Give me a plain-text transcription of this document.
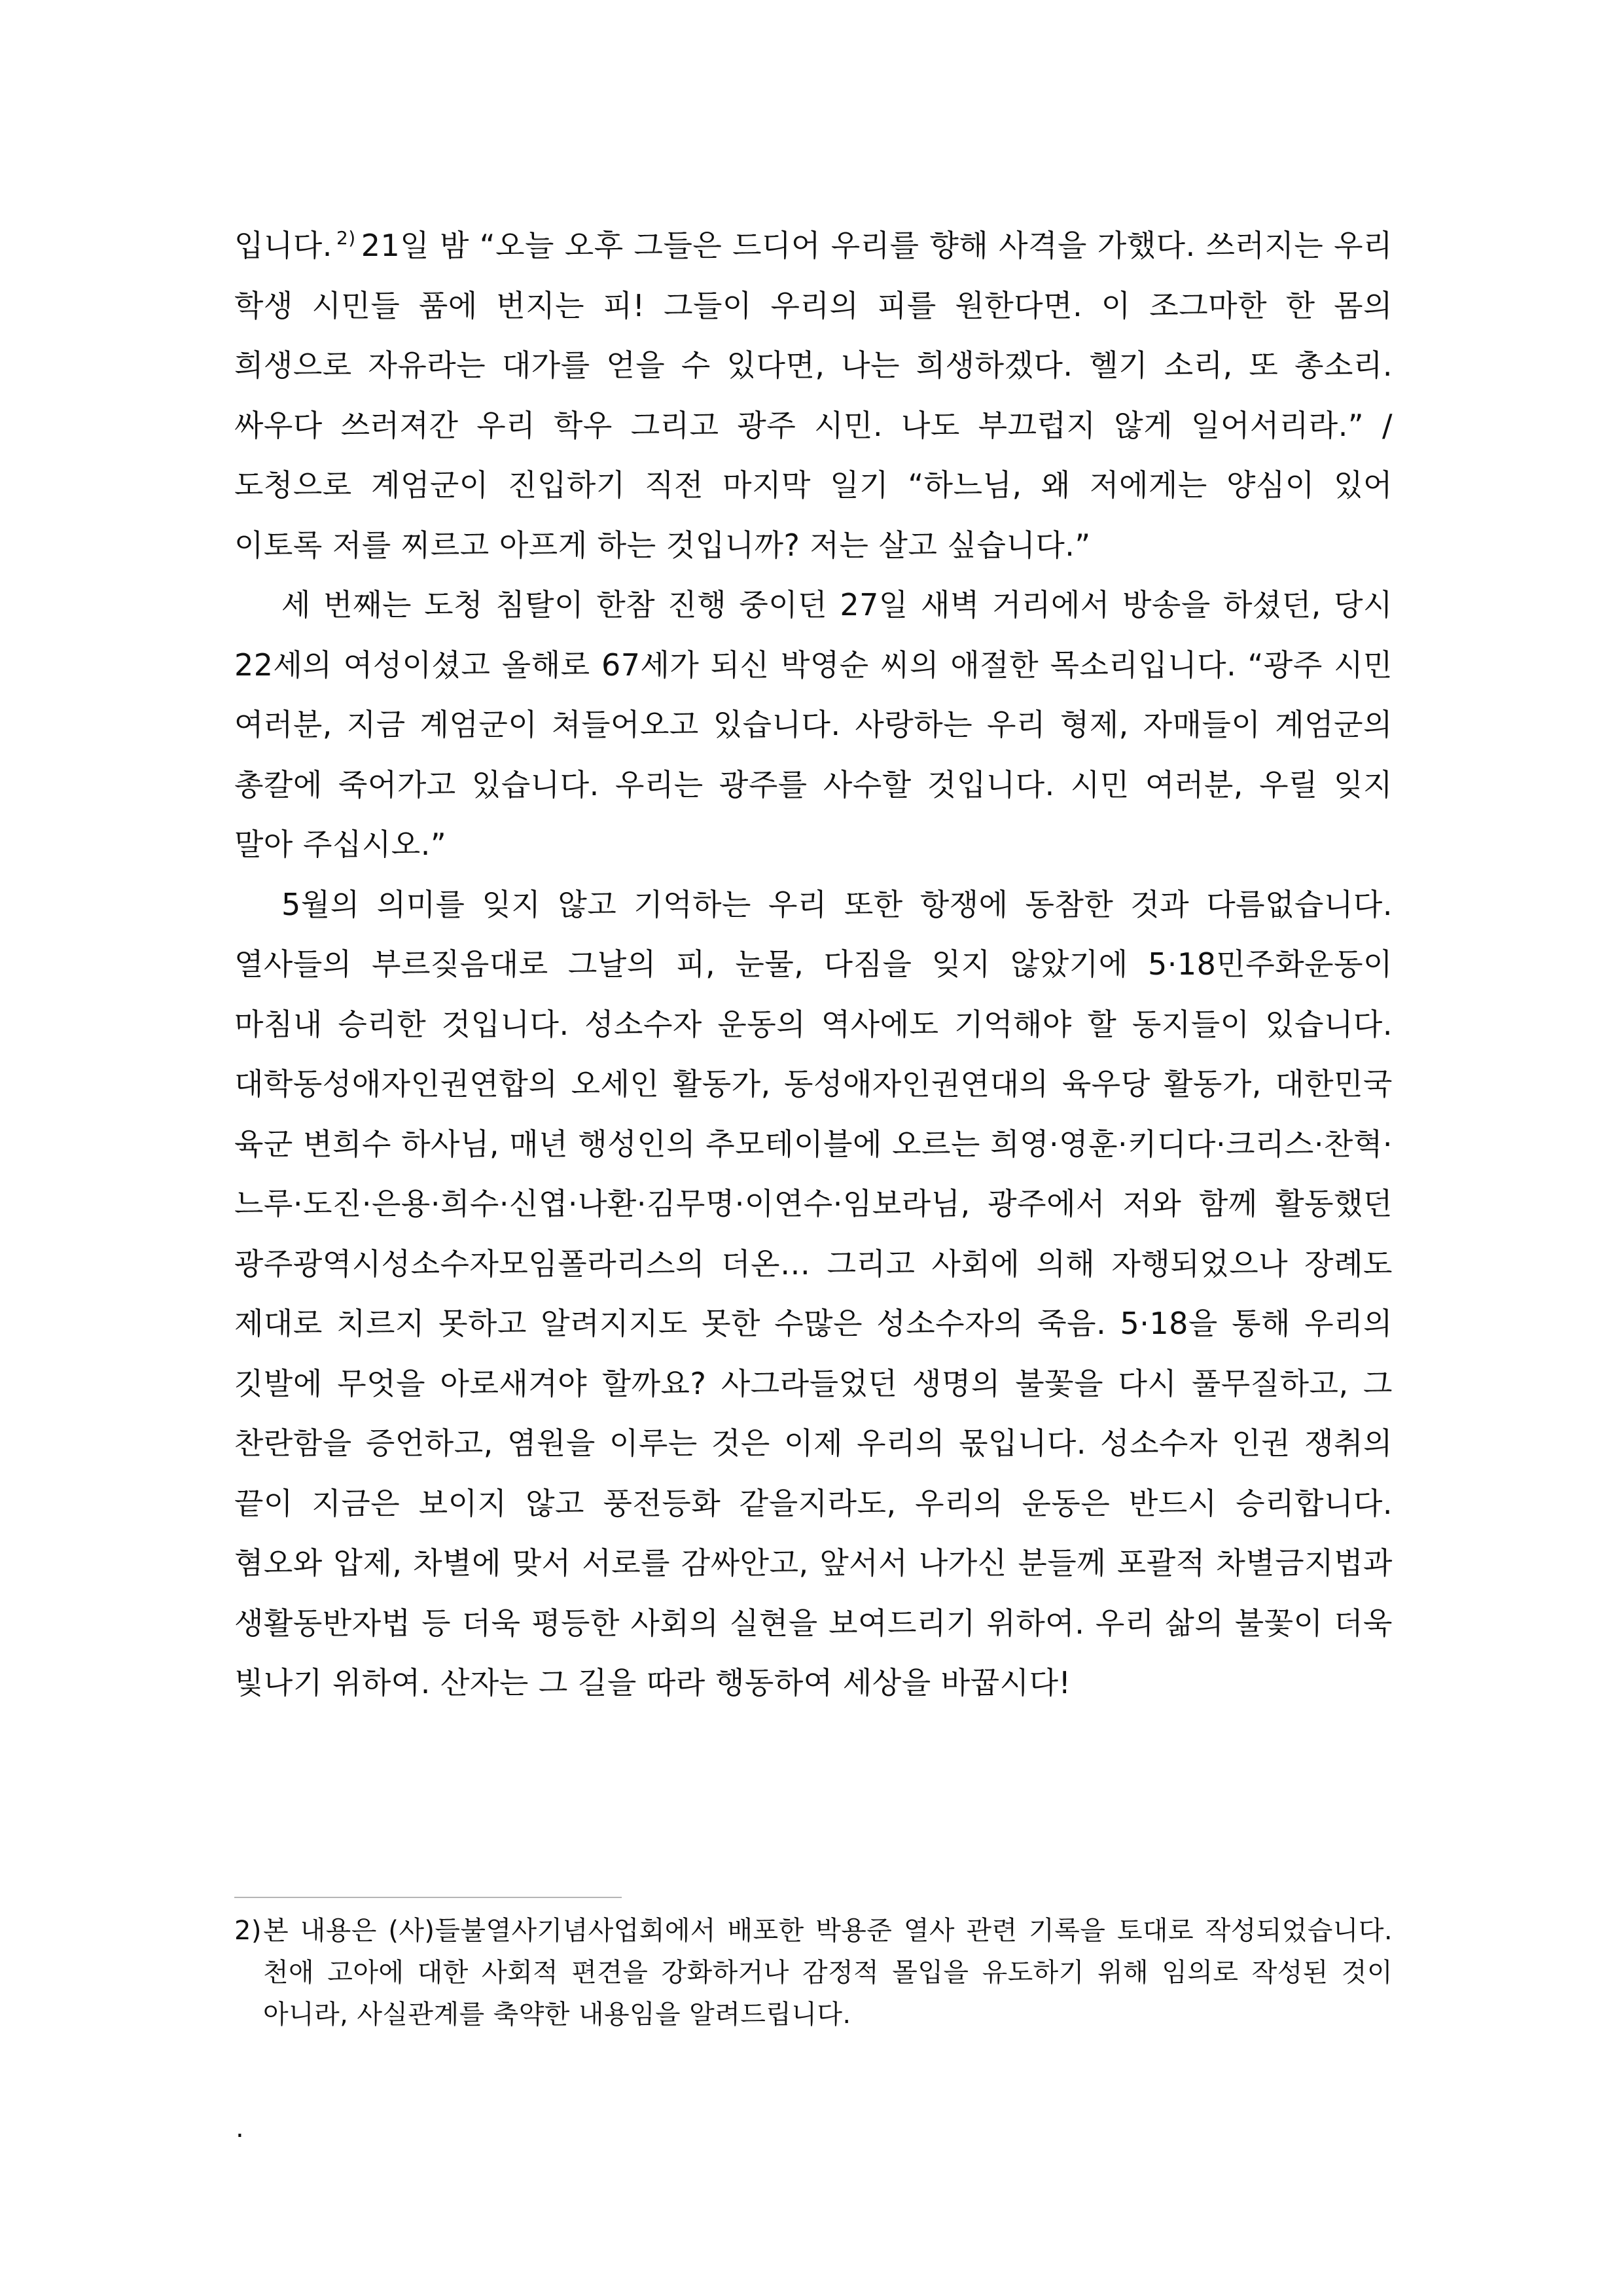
입니다. $^{2)}$ 21일 밤 “오늘 오후 그들은 드디어 우리를 향해 사격을 가했다. 쓰러지는 우리 학생 시민들 품에 번지는 피! 그들이 우리의 피를 원한다면. 이 조그마한 한 몸의 희생으로 자유라는 대가를 얻을 수 있다면, 나는 희생하겠다. 헬기 소리, 또 총소리. 싸우다 쓰러져간 우리 학우 그리고 광주 시민. 나도 부끄럽지 않게 일어서리라.” / 도청으로 계엄군이 진입하기 직전 마지막 일기 “하느님, 왜 저에게는 양심이 있어 이토록 저를 찌르고 아프게 하는 것입니까? 저는 살고 싶습니다.”

세 번째는 도청 침탈이 한참 진행 중이던 27일 새벽 거리에서 방송을 하셨던, 당시 22세의 여성이셨고 올해로 67세가 되신 박영순 씨의 애절한 목소리입니다. “광주 시민 여러분, 지금 계엄군이 쳐들어오고 있습니다. 사랑하는 우리 형제, 자매들이 계엄군의 총칼에 죽어가고 있습니다. 우리는 광주를 사수할 것입니다. 시민 여러분, 우릴 잊지 말아 주십시오.”

5월의 의미를 잊지 않고 기억하는 우리 또한 항쟁에 동참한 것과 다름없습니다. 열사들의 부르짖음대로 그날의 피, 눈물, 다짐을 잊지 않았기에 5·18민주화운동이 마침내 승리한 것입니다. 성소수자 운동의 역사에도 기억해야 할 동지들이 있습니다. 대학동성애자인권연합의 오세인 활동가, 동성애자인권연대의 육우당 활동가, 대한민국 육군 변희수 하사님, 매년 행성인의 추모테이블에 오르는 희영·영훈·키디다·크리스·찬혁·느루·도진·은용·희수·신엽·나환·김무명·이연수·임보라님, 광주에서 저와 함께 활동했던 광주광역시성소수자모임폴라리스의 더온… 그리고 사회에 의해 자행되었으나 장례도 제대로 치르지 못하고 알려지지도 못한 수많은 성소수자의 죽음. 5·18을 통해 우리의 깃발에 무엇을 아로새겨야 할까요? 사그라들었던 생명의 불꽃을 다시 풀무질하고, 그 찬란함을 증언하고, 염원을 이루는 것은 이제 우리의 몫입니다. 성소수자 인권 쟁취의 끝이 지금은 보이지 않고 풍전등화 같을지라도, 우리의 운동은 반드시 승리합니다. 혐오와 압제, 차별에 맞서 서로를 감싸안고, 앞서서 나가신 분들께 포괄적 차별금지법과 생활동반자법 등 더욱 평등한 사회의 실현을 보여드리기 위하여. 우리 삶의 불꽃이 더욱 빛나기 위하여. 산자는 그 길을 따라 행동하여 세상을 바꿉시다!

2) 본 내용은 (사)들불열사기념사업회에서 배포한 박용준 열사 관련 기록을 토대로 작성되었습니다. 천애 고아에 대한 사회적 편견을 강화하거나 감정적 몰입을 유도하기 위해 임의로 작성된 것이 아니라, 사실관계를 축약한 내용임을 알려드립니다.
.
